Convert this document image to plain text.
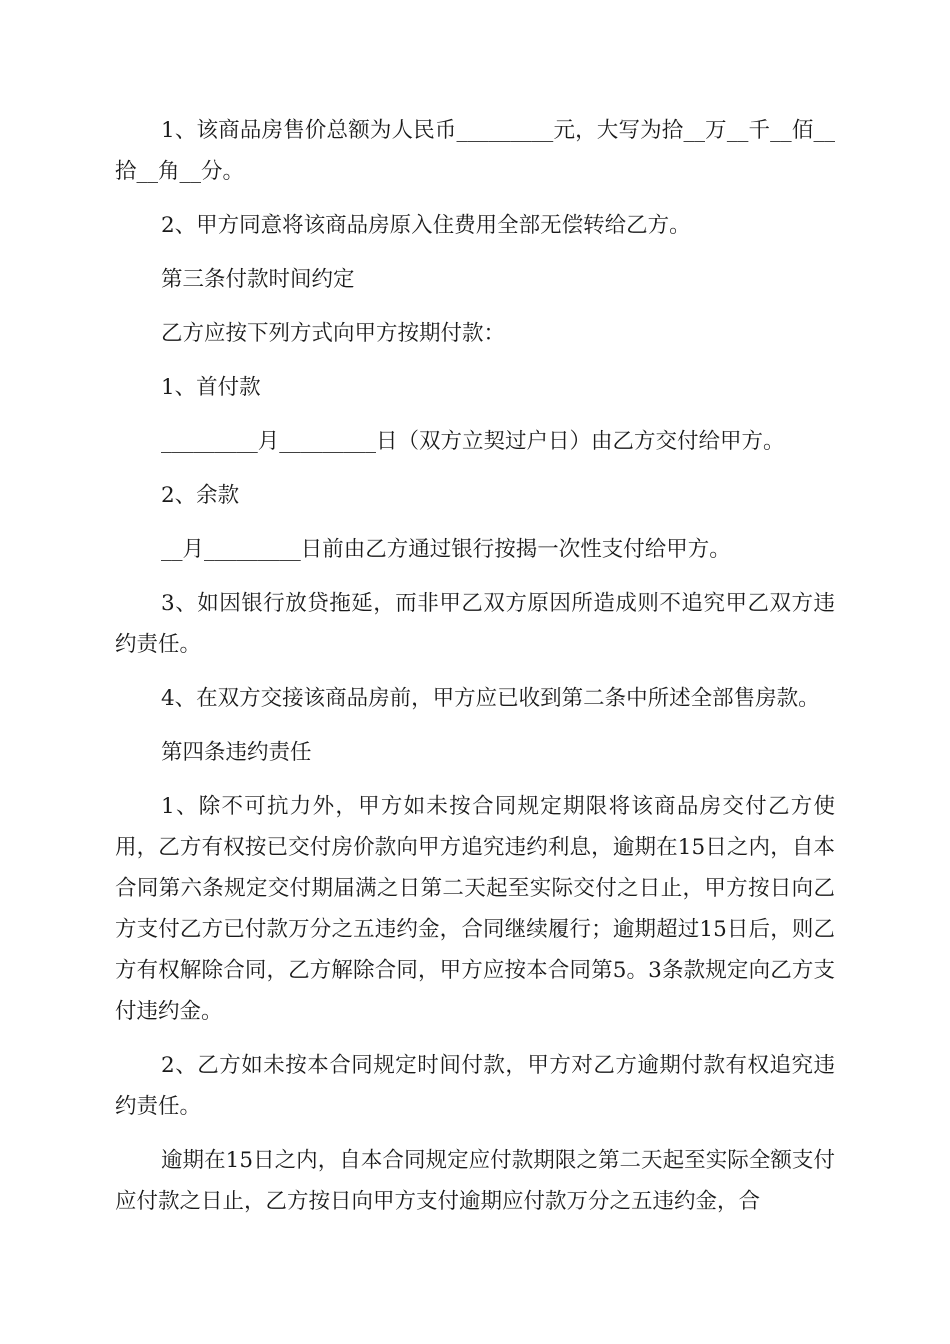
1、该商品房售价总额为人民币_________元，大写为拾__万__千__佰__拾__角__分。

2、甲方同意将该商品房原入住费用全部无偿转给乙方。

第三条付款时间约定

乙方应按下列方式向甲方按期付款：

1、首付款

_________月_________日（双方立契过户日）由乙方交付给甲方。

2、余款

__月_________日前由乙方通过银行按揭一次性支付给甲方。

3、如因银行放贷拖延，而非甲乙双方原因所造成则不追究甲乙双方违约责任。

4、在双方交接该商品房前，甲方应已收到第二条中所述全部售房款。

第四条违约责任

1、除不可抗力外，甲方如未按合同规定期限将该商品房交付乙方使用，乙方有权按已交付房价款向甲方追究违约利息，逾期在15日之内，自本合同第六条规定交付期届满之日第二天起至实际交付之日止，甲方按日向乙方支付乙方已付款万分之五违约金，合同继续履行；逾期超过15日后，则乙方有权解除合同，乙方解除合同，甲方应按本合同第5。3条款规定向乙方支付违约金。

2、乙方如未按本合同规定时间付款，甲方对乙方逾期付款有权追究违约责任。

逾期在15日之内，自本合同规定应付款期限之第二天起至实际全额支付应付款之日止，乙方按日向甲方支付逾期应付款万分之五违约金，合
